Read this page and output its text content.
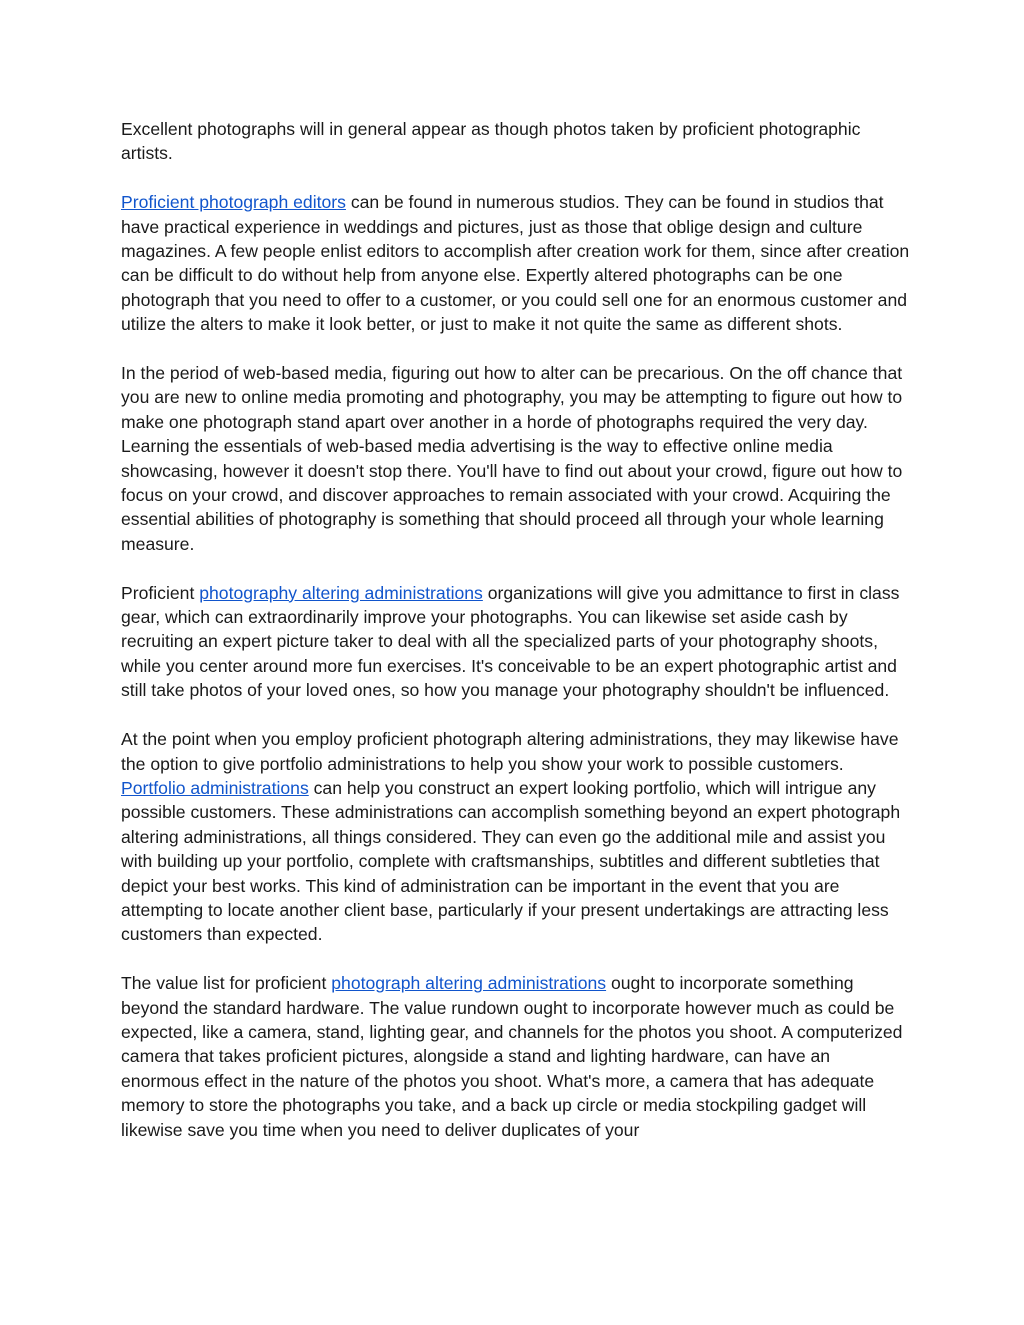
Excellent photographs will in general appear as though photos taken by proficient photographic artists.

Proficient photograph editors can be found in numerous studios. They can be found in studios that have practical experience in weddings and pictures, just as those that oblige design and culture magazines. A few people enlist editors to accomplish after creation work for them, since after creation can be difficult to do without help from anyone else. Expertly altered photographs can be one photograph that you need to offer to a customer, or you could sell one for an enormous customer and utilize the alters to make it look better, or just to make it not quite the same as different shots.

In the period of web-based media, figuring out how to alter can be precarious. On the off chance that you are new to online media promoting and photography, you may be attempting to figure out how to make one photograph stand apart over another in a horde of photographs required the very day. Learning the essentials of web-based media advertising is the way to effective online media showcasing, however it doesn't stop there. You'll have to find out about your crowd, figure out how to focus on your crowd, and discover approaches to remain associated with your crowd. Acquiring the essential abilities of photography is something that should proceed all through your whole learning measure.

Proficient photography altering administrations organizations will give you admittance to first in class gear, which can extraordinarily improve your photographs. You can likewise set aside cash by recruiting an expert picture taker to deal with all the specialized parts of your photography shoots, while you center around more fun exercises. It's conceivable to be an expert photographic artist and still take photos of your loved ones, so how you manage your photography shouldn't be influenced.

At the point when you employ proficient photograph altering administrations, they may likewise have the option to give portfolio administrations to help you show your work to possible customers. Portfolio administrations can help you construct an expert looking portfolio, which will intrigue any possible customers. These administrations can accomplish something beyond an expert photograph altering administrations, all things considered. They can even go the additional mile and assist you with building up your portfolio, complete with craftsmanships, subtitles and different subtleties that depict your best works. This kind of administration can be important in the event that you are attempting to locate another client base, particularly if your present undertakings are attracting less customers than expected.

The value list for proficient photograph altering administrations ought to incorporate something beyond the standard hardware. The value rundown ought to incorporate however much as could be expected, like a camera, stand, lighting gear, and channels for the photos you shoot. A computerized camera that takes proficient pictures, alongside a stand and lighting hardware, can have an enormous effect in the nature of the photos you shoot. What's more, a camera that has adequate memory to store the photographs you take, and a back up circle or media stockpiling gadget will likewise save you time when you need to deliver duplicates of your
